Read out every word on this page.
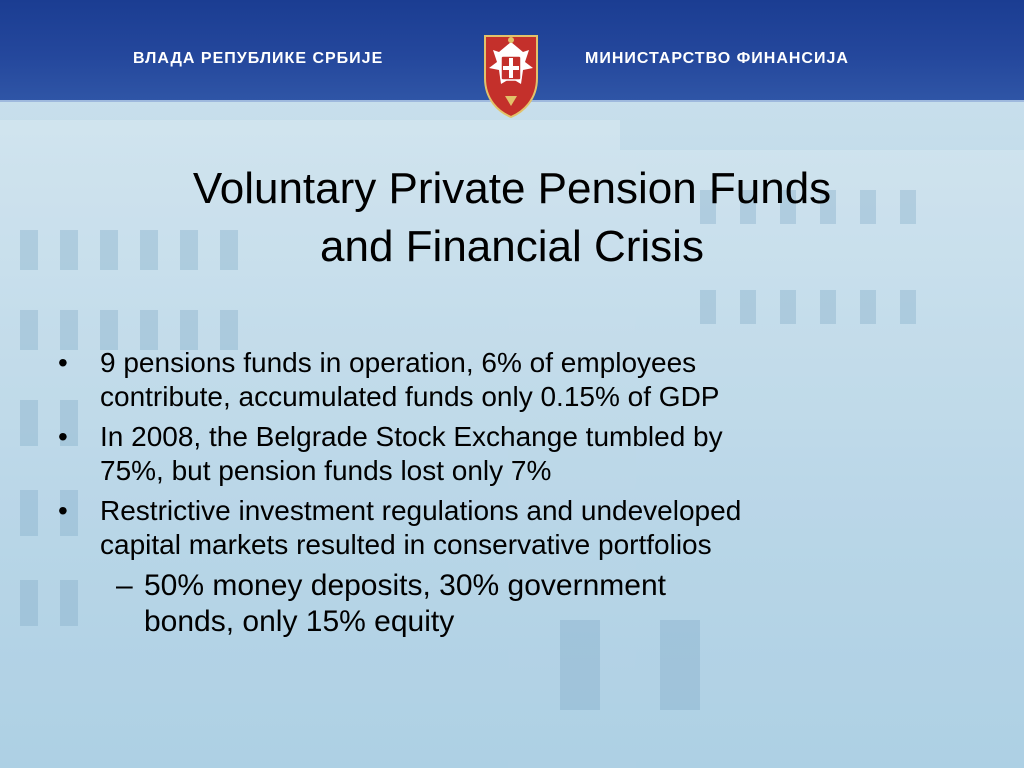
ВЛАДА РЕПУБЛИКЕ СРБИЈЕ	МИНИСТАРСТВО ФИНАНСИЈА
Voluntary Private Pension Funds
and Financial Crisis
•	9 pensions funds in operation, 6% of employees
contribute, accumulated funds only 0.15% of GDP
•	In 2008, the Belgrade Stock Exchange tumbled by
75%, but pension funds lost only 7%
•	Restrictive investment regulations and undeveloped
capital markets resulted in conservative portfolios
– 50% money deposits, 30% government
bonds, only 15% equity
